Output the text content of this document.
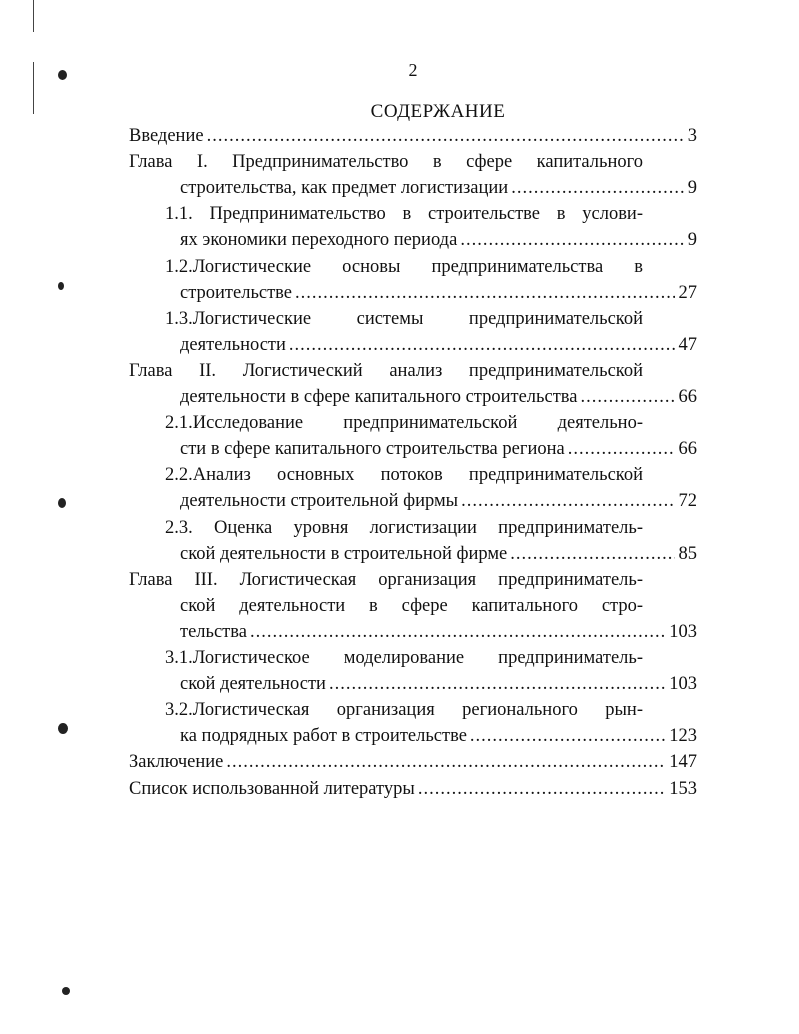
2
СОДЕРЖАНИЕ
Введение .....	3
Глава I. Предпринимательство в сфере капитального
строительства, как предмет логистизации .....	9
1.1. Предпринимательство в строительстве в услови-
ях экономики переходного периода .....	9
1.2.Логистические основы предпринимательства в
строительстве .....	27
1.3.Логистические системы предпринимательской
деятельности .....	47
Глава II. Логистический анализ предпринимательской
деятельности в сфере капитального строительства .....	66
2.1.Исследование предпринимательской деятельно-
сти в сфере капитального строительства региона .....	66
2.2.Анализ основных потоков предпринимательской
деятельности строительной фирмы .....	72
2.3. Оценка уровня логистизации предприниматель-
ской деятельности в строительной фирме .....	85
Глава III. Логистическая организация предприниматель-
ской деятельности в сфере капитального стро-
тельства .....	103
3.1.Логистическое моделирование предприниматель-
ской деятельности .....	103
3.2.Логистическая организация регионального рын-
ка подрядных работ в строительстве .....	123
Заключение .....	147
Список использованной литературы .....	153
